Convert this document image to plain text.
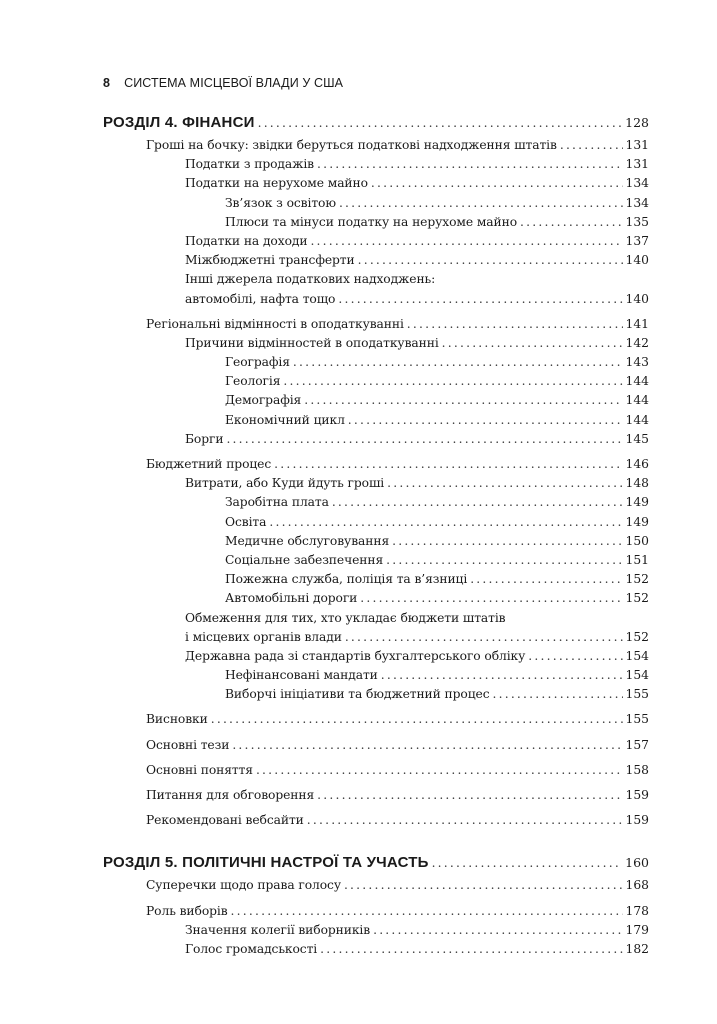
8 СИСТЕМА МІСЦЕВОЇ ВЛАДИ У США
РОЗДІЛ 4. ФІНАНСИ .....	128
Гроші на бочку: звідки беруться податкові надходження штатів .....	131
Податки з продажів .....	131
Податки на нерухоме майно .....	134
Зв’язок з освітою .....	134
Плюси та мінуси податку на нерухоме майно .....	135
Податки на доходи .....	137
Міжбюджетні трансферти .....	140
Інші джерела податкових надходжень:
автомобілі, нафта тощо .....	140
Регіональні відмінності в оподаткуванні .....	141
Причини відмінностей в оподаткуванні .....	142
Географія .....	143
Геологія .....	144
Демографія .....	144
Економічний цикл .....	144
Борги .....	145
Бюджетний процес .....	146
Витрати, або Куди йдуть гроші .....	148
Заробітна плата .....	149
Освіта .....	149
Медичне обслуговування .....	150
Соціальне забезпечення .....	151
Пожежна служба, поліція та в’язниці .....	152
Автомобільні дороги .....	152
Обмеження для тих, хто укладає бюджети штатів
і місцевих органів влади .....	152
Державна рада зі стандартів бухгалтерського обліку .....	154
Нефінансовані мандати .....	154
Виборчі ініціативи та бюджетний процес .....	155
Висновки .....	155
Основні тези .....	157
Основні поняття .....	158
Питання для обговорення .....	159
Рекомендовані вебсайти .....	159
РОЗДІЛ 5. ПОЛІТИЧНІ НАСТРОЇ ТА УЧАСТЬ .....	160
Суперечки щодо права голосу .....	168
Роль виборів .....	178
Значення колегії виборників .....	179
Голос громадськості .....	182
